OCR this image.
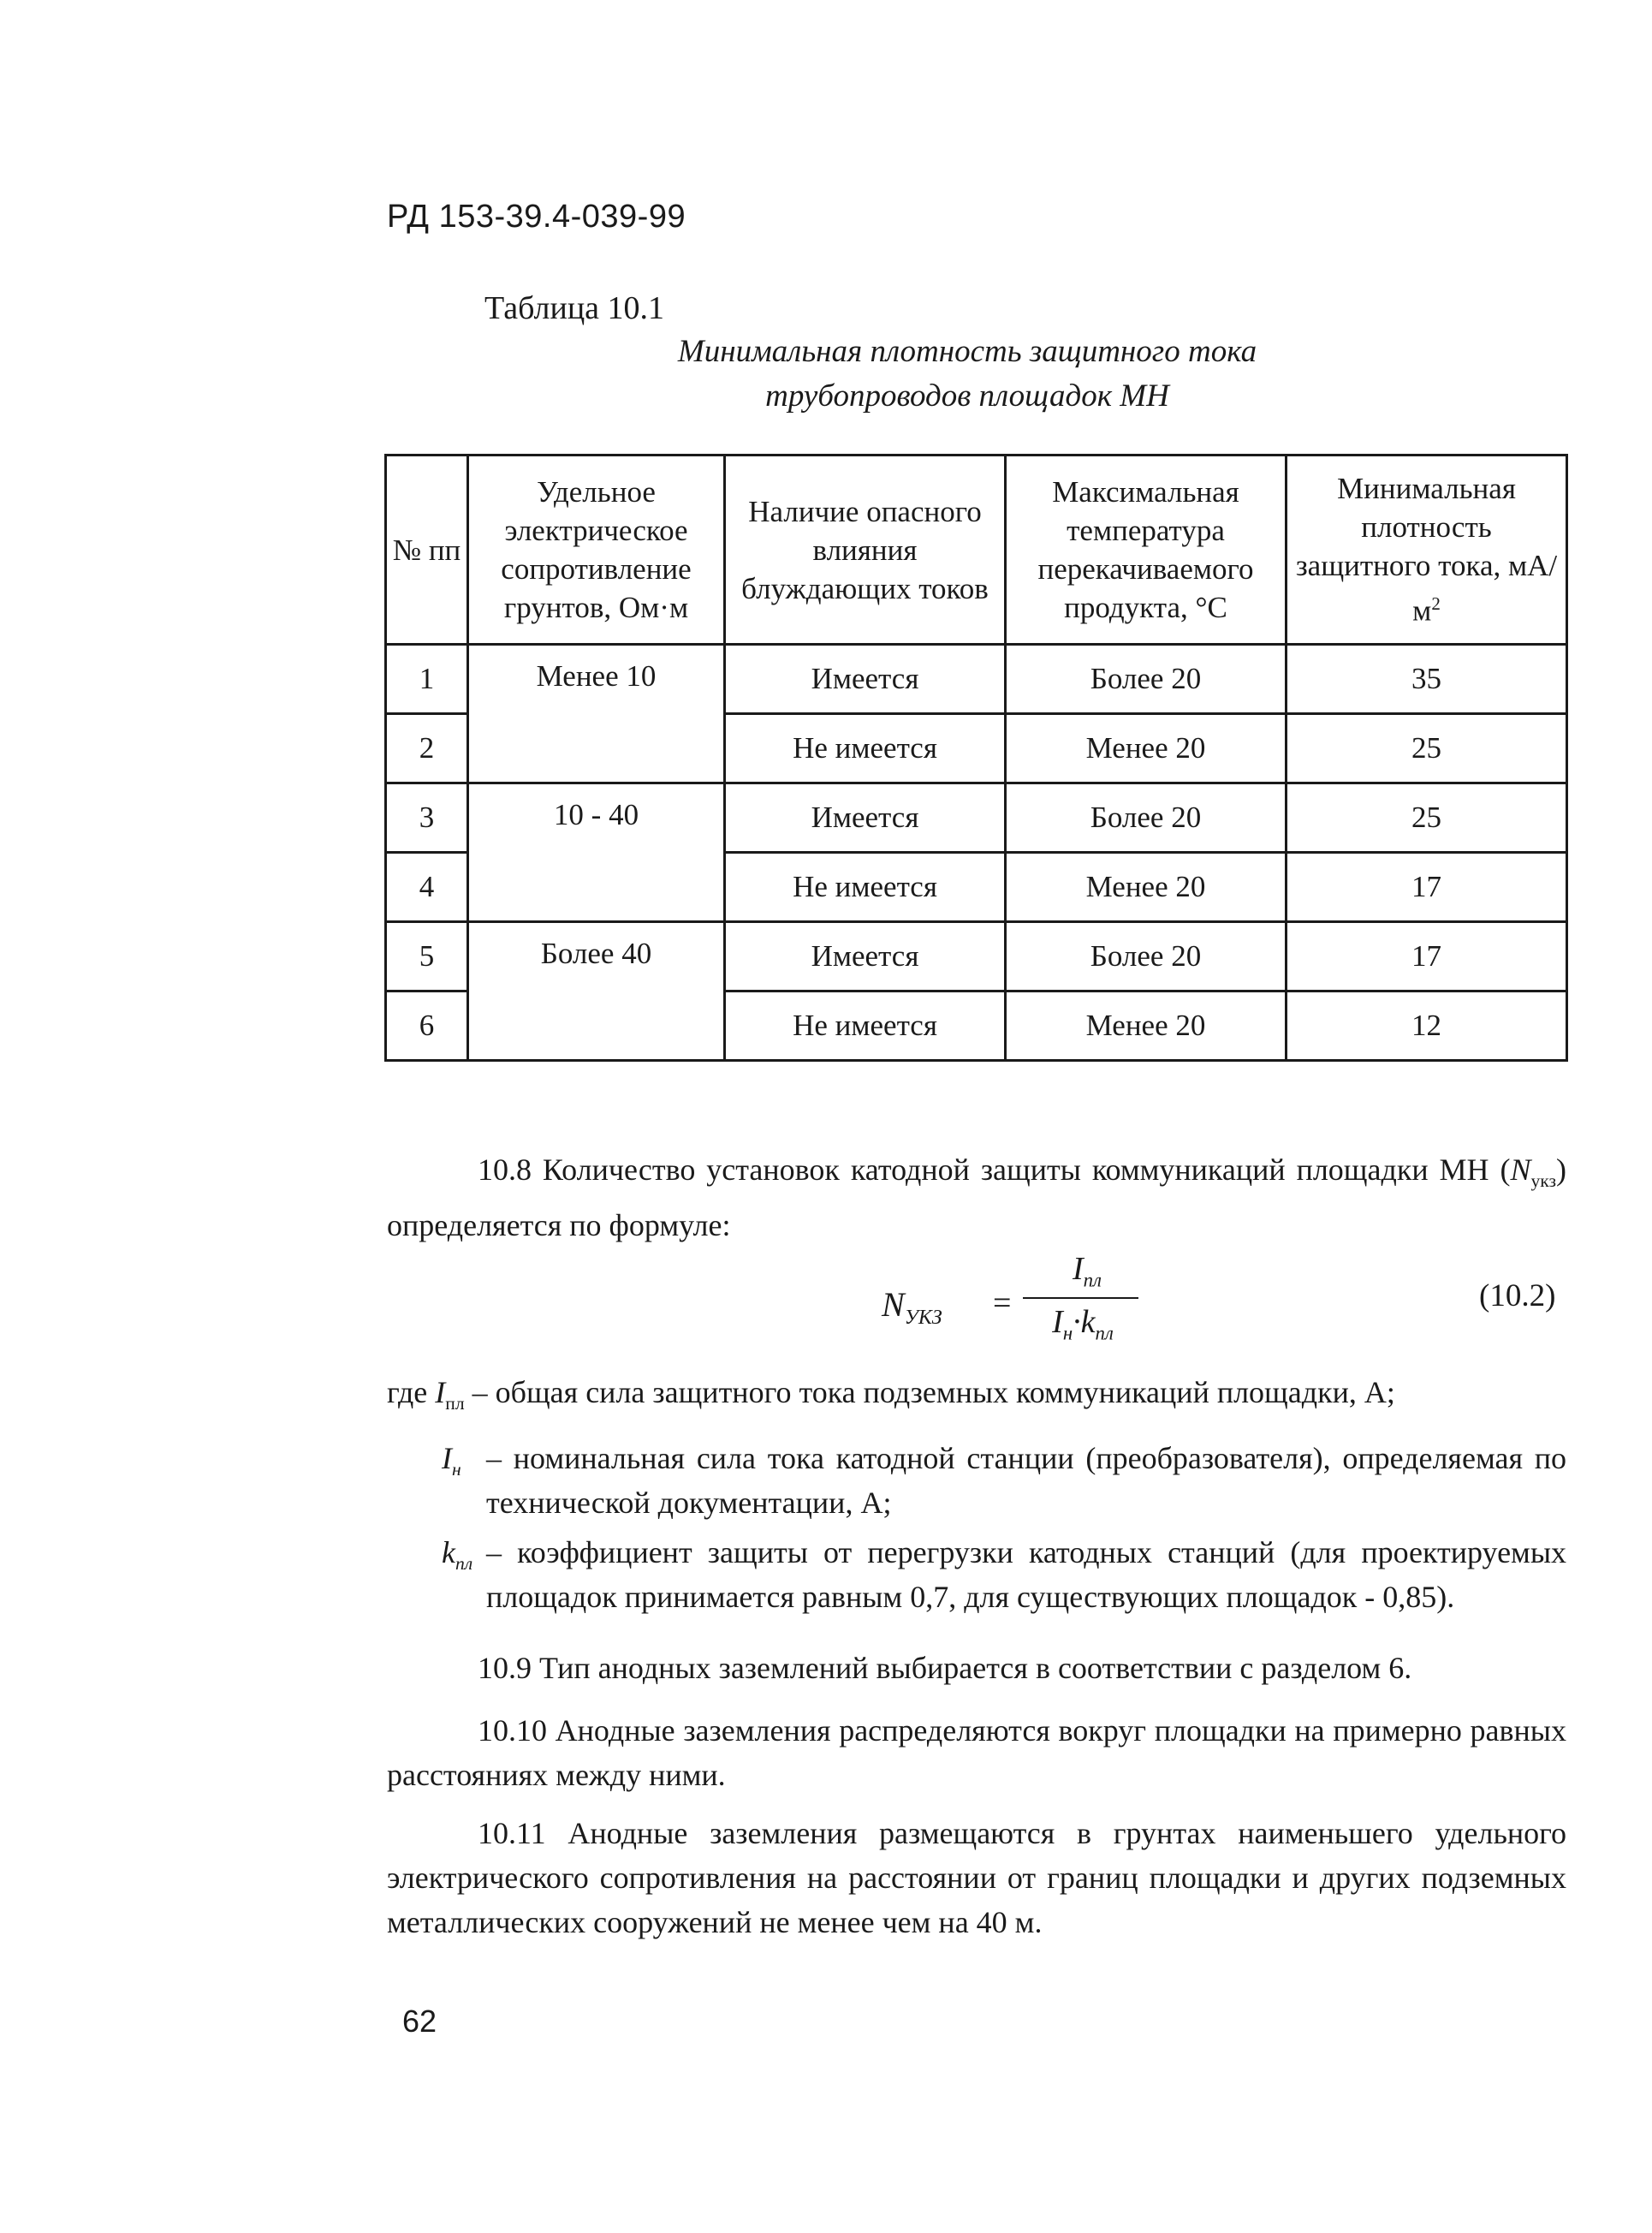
РД 153-39.4-039-99
Таблица 10.1
Минимальная плотность защитного тока
трубопроводов площадок МН
№ пп	Удельное электрическое сопротивление грунтов, Ом·м	Наличие опасного влияния блуждающих токов	Максимальная температура перекачиваемого продукта, °С	Минимальная плотность защитного тока, $мА/м^2$
1	Менее 10	Имеется	Более 20	35
2		Не имеется	Менее 20	25
3	10 - 40	Имеется	Более 20	25
4		Не имеется	Менее 20	17
5	Более 40	Имеется	Более 20	17
6		Не имеется	Менее 20	12
10.8 Количество установок катодной защиты коммуникаций площадки МН $(N_{укз})$ определяется по формуле:
$N_{УКЗ}$ =
$I_{пл}$
$I_н\cdot k_{пл}$
(10.2)
где $I_{пл}$ – общая сила защитного тока подземных коммуникаций площадки, А;
$I_н$ – номинальная сила тока катодной станции (преобразователя), определяемая по технической документации, А;
$k_{пл}$ – коэффициент защиты от перегрузки катодных станций (для проектируемых площадок принимается равным 0,7, для существующих площадок - 0,85).
10.9 Тип анодных заземлений выбирается в соответствии с разделом 6.
10.10 Анодные заземления распределяются вокруг площадки на примерно равных расстояниях между ними.
10.11 Анодные заземления размещаются в грунтах наименьшего удельного электрического сопротивления на расстоянии от границ площадки и других подземных металлических сооружений не менее чем на 40 м.
62
